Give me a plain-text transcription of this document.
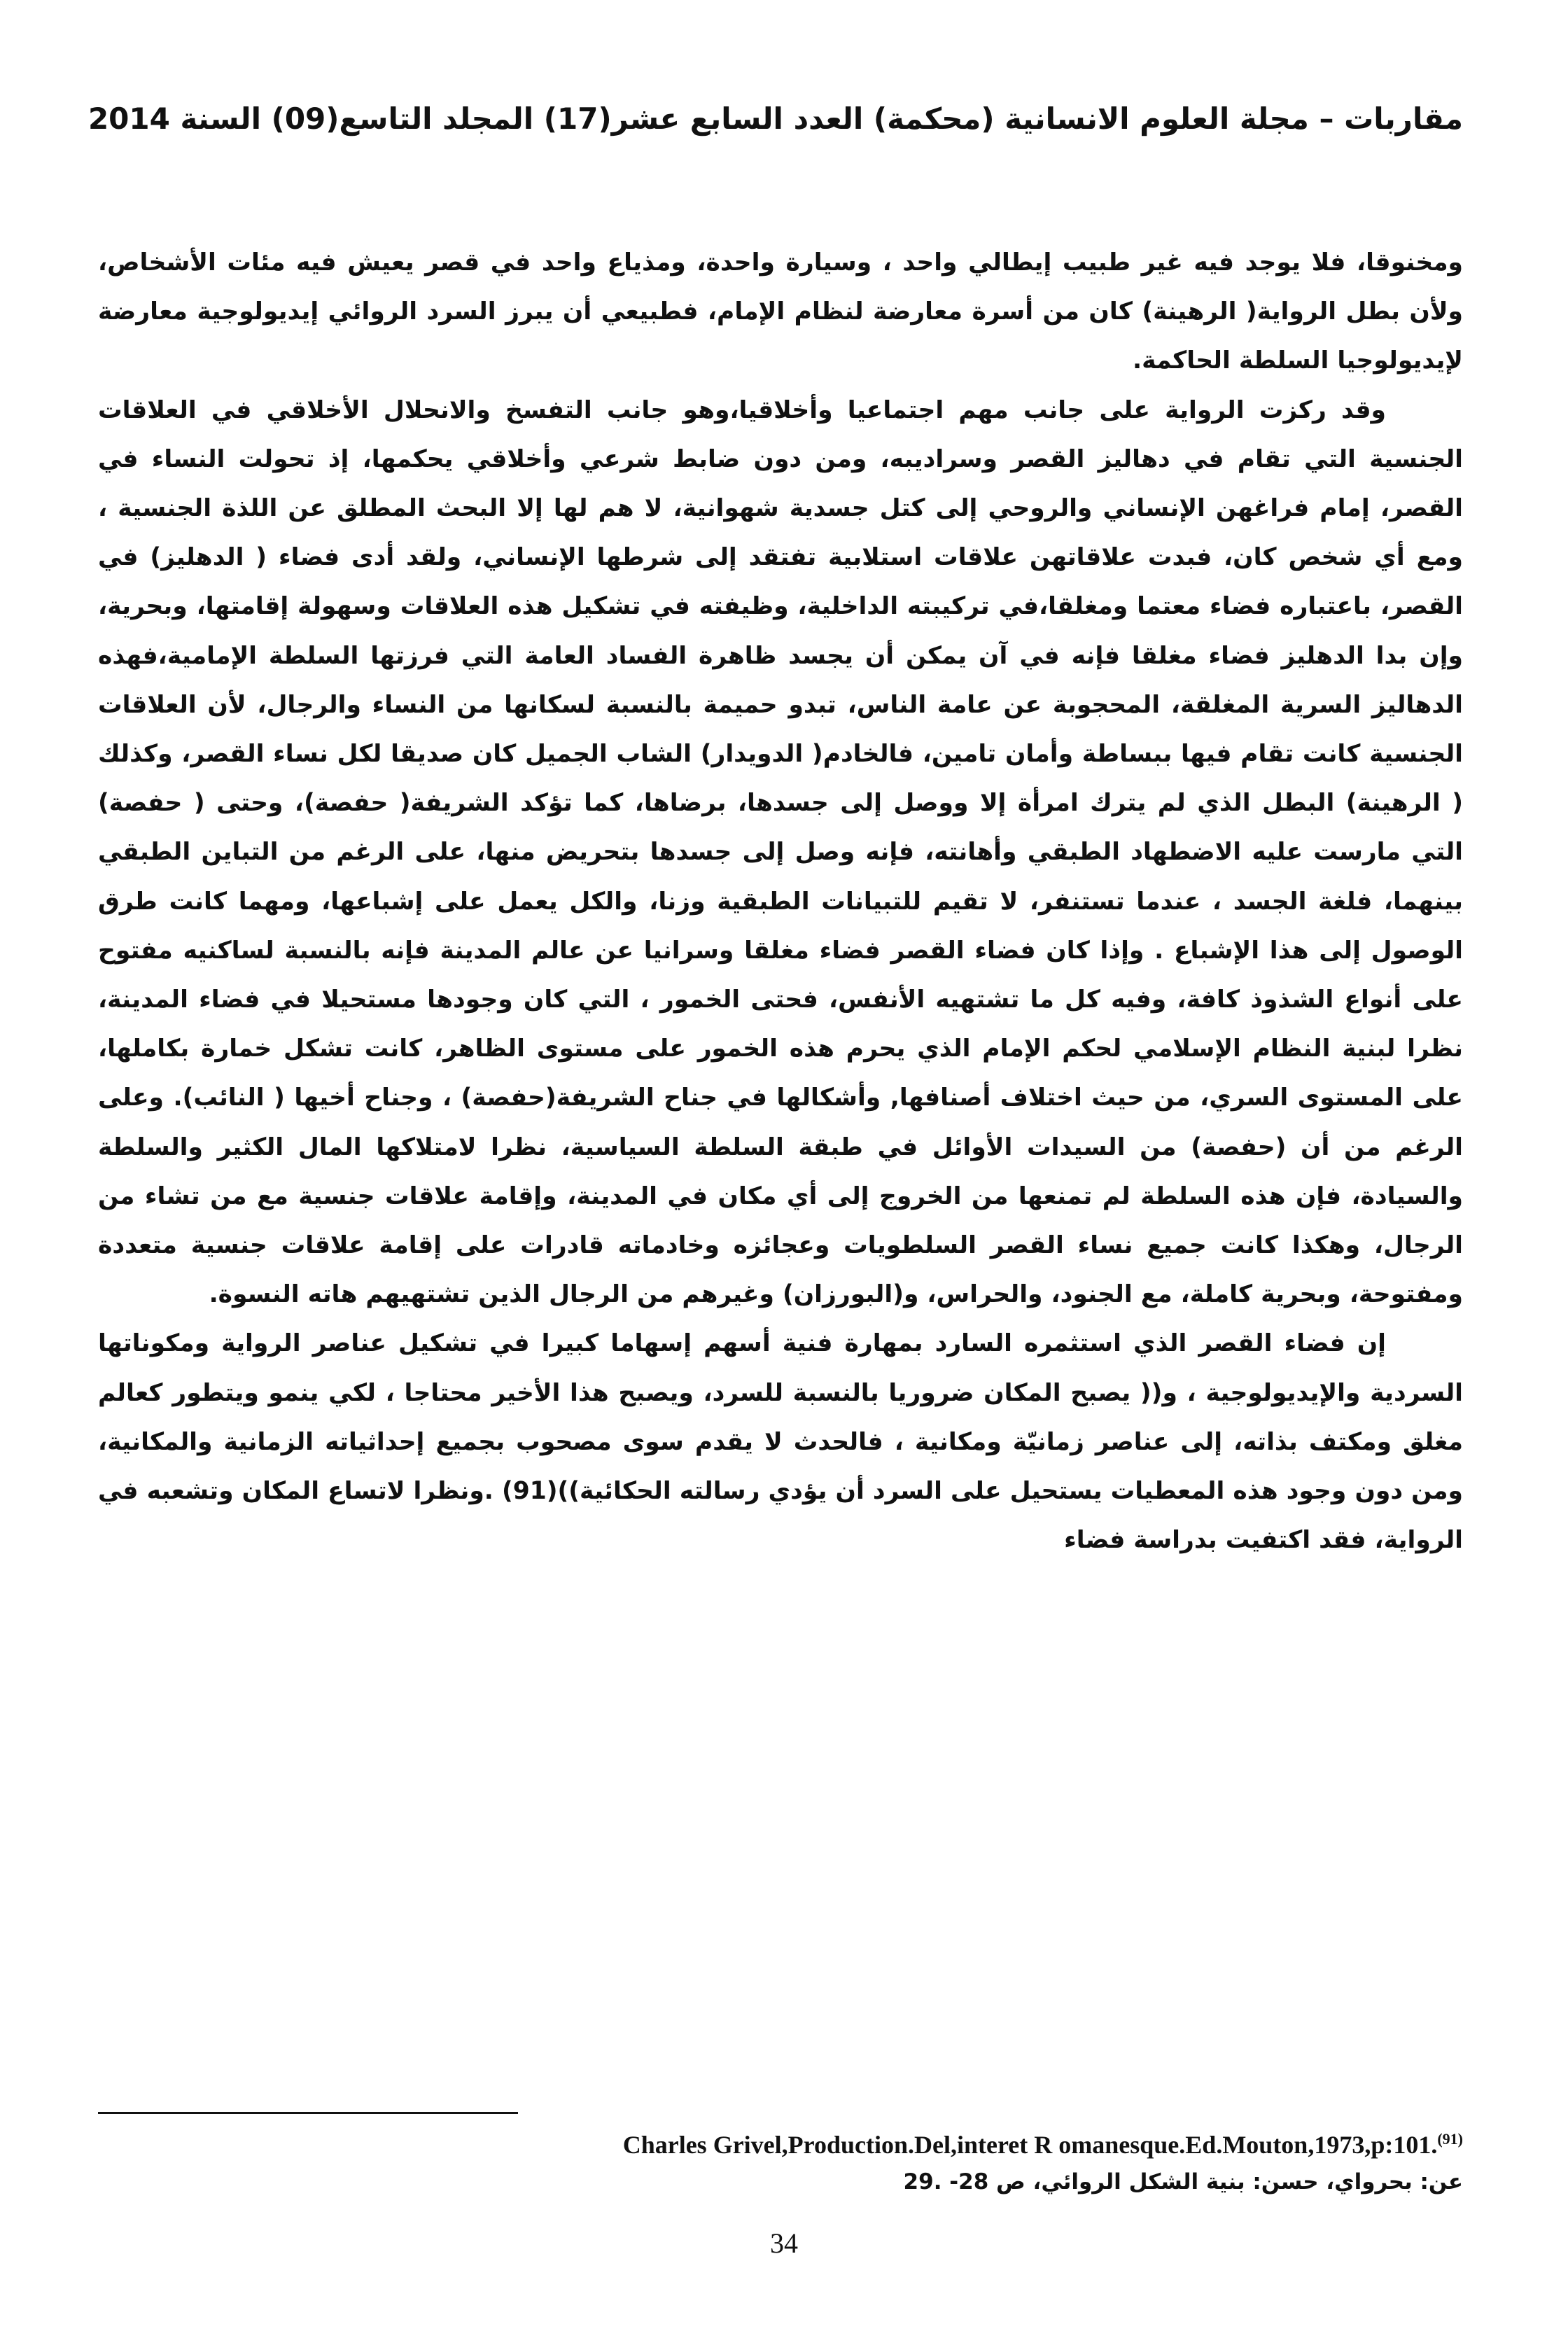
مقاربات – مجلة العلوم الانسانية (محكمة) العدد السابع عشر(17) المجلد التاسع(09) السنة 2014

ومخنوقا، فلا يوجد فيه غير طبيب إيطالي واحد ، وسيارة واحدة، ومذياع واحد في قصر يعيش فيه مئات الأشخاص، ولأن بطل الرواية( الرهينة) كان من أسرة معارضة لنظام الإمام، فطبيعي أن يبرز السرد الروائي إيديولوجية معارضة لإيديولوجيا السلطة الحاكمة.

وقد ركزت الرواية على جانب مهم اجتماعيا وأخلاقيا،وهو جانب التفسخ والانحلال الأخلاقي في العلاقات الجنسية التي تقام في دهاليز القصر وسراديبه، ومن دون ضابط شرعي وأخلاقي يحكمها، إذ تحولت النساء في القصر، إمام فراغهن الإنساني والروحي إلى كتل جسدية شهوانية، لا هم لها إلا البحث المطلق عن اللذة الجنسية ، ومع أي شخص كان، فبدت علاقاتهن علاقات استلابية تفتقد إلى شرطها الإنساني، ولقد أدى فضاء ( الدهليز) في القصر، باعتباره فضاء معتما ومغلقا،في تركيبته الداخلية، وظيفته في تشكيل هذه العلاقات وسهولة إقامتها، وبحرية، وإن بدا الدهليز فضاء مغلقا فإنه في آن يمكن أن يجسد ظاهرة الفساد العامة التي فرزتها السلطة الإمامية،فهذه الدهاليز السرية المغلقة، المحجوبة عن عامة الناس، تبدو حميمة بالنسبة لسكانها من النساء والرجال، لأن العلاقات الجنسية كانت تقام فيها ببساطة وأمان تامين، فالخادم( الدويدار) الشاب الجميل كان صديقا لكل نساء القصر، وكذلك ( الرهينة) البطل الذي لم يترك امرأة إلا ووصل إلى جسدها، برضاها، كما تؤكد الشريفة( حفصة)، وحتى ( حفصة) التي مارست عليه الاضطهاد الطبقي وأهانته، فإنه وصل إلى جسدها بتحريض منها، على الرغم من التباين الطبقي بينهما، فلغة الجسد ، عندما تستنفر، لا تقيم للتبيانات الطبقية وزنا، والكل يعمل على إشباعها، ومهما كانت طرق الوصول إلى هذا الإشباع . وإذا كان فضاء القصر فضاء مغلقا وسرانيا عن عالم المدينة فإنه بالنسبة لساكنيه مفتوح على أنواع الشذوذ كافة، وفيه كل ما تشتهيه الأنفس، فحتى الخمور ، التي كان وجودها مستحيلا في فضاء المدينة، نظرا لبنية النظام الإسلامي لحكم الإمام الذي يحرم هذه الخمور على مستوى الظاهر، كانت تشكل خمارة بكاملها، على المستوى السري، من حيث اختلاف أصنافها, وأشكالها في جناح الشريفة(حفصة) ، وجناح أخيها ( النائب). وعلى الرغم من أن (حفصة) من السيدات الأوائل في طبقة السلطة السياسية، نظرا لامتلاكها المال الكثير والسلطة والسيادة، فإن هذه السلطة لم تمنعها من الخروج إلى أي مكان في المدينة، وإقامة علاقات جنسية مع من تشاء من الرجال، وهكذا كانت جميع نساء القصر السلطويات وعجائزه وخادماته قادرات على إقامة علاقات جنسية متعددة ومفتوحة، وبحرية كاملة، مع الجنود، والحراس، و(البورزان) وغيرهم من الرجال الذين تشتهيهم هاته النسوة.

إن فضاء القصر الذي استثمره السارد بمهارة فنية أسهم إسهاما كبيرا في تشكيل عناصر الرواية ومكوناتها السردية والإيديولوجية ، و(( يصبح المكان ضروريا بالنسبة للسرد، ويصبح هذا الأخير محتاجا ، لكي ينمو ويتطور كعالم مغلق ومكتف بذاته، إلى عناصر زمانيّة ومكانية ، فالحدث لا يقدم سوى مصحوب بجميع إحداثياته الزمانية والمكانية، ومن دون وجود هذه المعطيات يستحيل على السرد أن يؤدي رسالته الحكائية))(91) .ونظرا لاتساع المكان وتشعبه في الرواية، فقد اكتفيت بدراسة فضاء

Charles Grivel,Production.Del,interet R omanesque.Ed.Mouton,1973,p:101.$^{(91)}$
عن: بحرواي، حسن: بنية الشكل الروائي، ص 28- .29
34
